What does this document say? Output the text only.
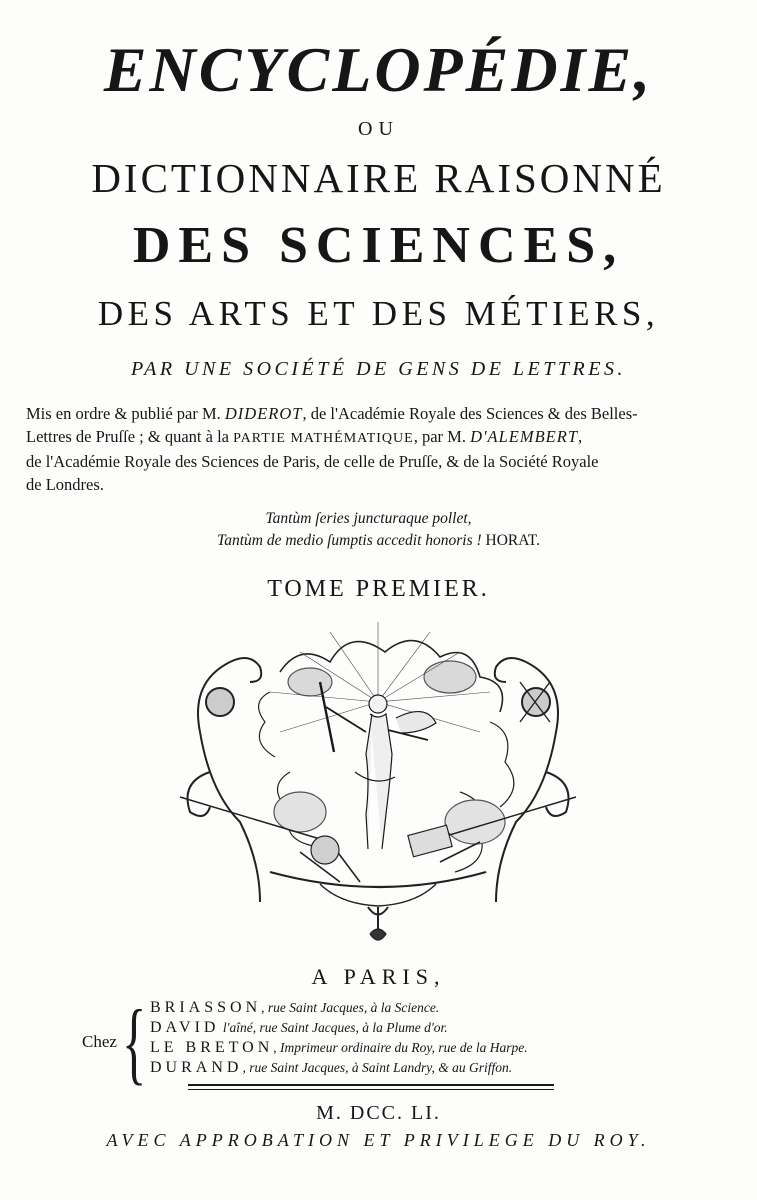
ENCYCLOPÉDIE,
OU
DICTIONNAIRE RAISONNÉ
DES SCIENCES,
DES ARTS ET DES MÉTIERS,
PAR UNE SOCIÉTÉ DE GENS DE LETTRES.

Mis en ordre & publié par M. DIDEROT, de l'Académie Royale des Sciences & des Belles-

Lettres de Pruſſe ; & quant à la PARTIE MATHÉMATIQUE, par M. D'ALEMBERT,

de l'Académie Royale des Sciences de Paris, de celle de Pruſſe, & de la Société Royale

de Londres.

Tantùm ſeries juncturaque pollet,
Tantùm de medio ſumptis accedit honoris ! HORAT.
TOME PREMIER.
A PARIS,
Chez { BRIASSON, rue Saint Jacques, à la Science.
DAVID l'aîné, rue Saint Jacques, à la Plume d'or.
LE BRETON, Imprimeur ordinaire du Roy, rue de la Harpe.
DURAND, rue Saint Jacques, à Saint Landry, & au Griffon.
M. DCC. LI.
AVEC APPROBATION ET PRIVILEGE DU ROY.
